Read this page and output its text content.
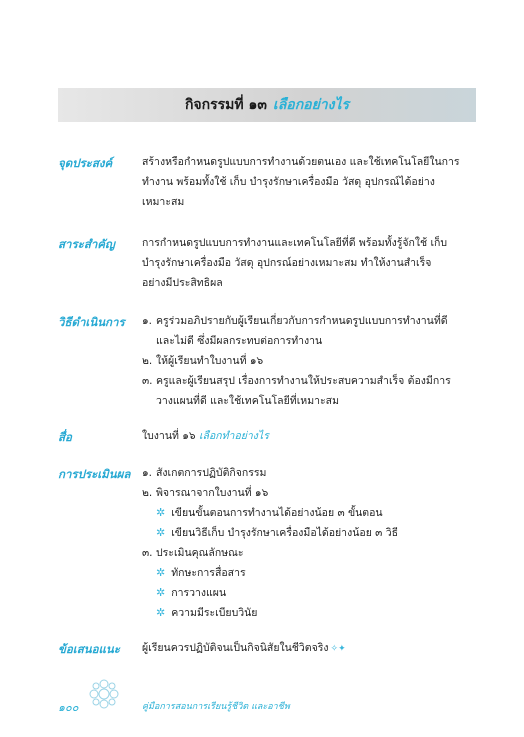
กิจกรรมที่ ๑๓ เลือกอย่างไร
จุดประสงค์	สร้างหรือกำหนดรูปแบบการทำงานด้วยตนเอง และใช้เทคโนโลยีในการ
ทำงาน พร้อมทั้งใช้ เก็บ บำรุงรักษาเครื่องมือ วัสดุ อุปกรณ์ได้อย่าง
เหมาะสม
สาระสำคัญ	การกำหนดรูปแบบการทำงานและเทคโนโลยีที่ดี พร้อมทั้งรู้จักใช้ เก็บ
บำรุงรักษาเครื่องมือ วัสดุ อุปกรณ์อย่างเหมาะสม ทำให้งานสำเร็จ
อย่างมีประสิทธิผล
วิธีดำเนินการ ๑. ครูร่วมอภิปรายกับผู้เรียนเกี่ยวกับการกำหนดรูปแบบการทำงานที่ดี
และไม่ดี ซึ่งมีผลกระทบต่อการทำงาน
๒. ให้ผู้เรียนทำใบงานที่ ๑๖
๓. ครูและผู้เรียนสรุป เรื่องการทำงานให้ประสบความสำเร็จ ต้องมีการ
วางแผนที่ดี และใช้เทคโนโลยีที่เหมาะสม
สื่อ	ใบงานที่ ๑๖ เลือกทำอย่างไร
การประเมินผล ๑. สังเกตการปฏิบัติกิจกรรม
๒. พิจารณาจากใบงานที่ ๑๖
✲ เขียนขั้นตอนการทำงานได้อย่างน้อย ๓ ขั้นตอน
✲ เขียนวิธีเก็บ บำรุงรักษาเครื่องมือได้อย่างน้อย ๓ วิธี
๓. ประเมินคุณลักษณะ
✲ ทักษะการสื่อสาร
✲ การวางแผน
✲ ความมีระเบียบวินัย
ข้อเสนอแนะ ผู้เรียนควรปฏิบัติจนเป็นกิจนิสัยในชีวิตจริง ✧✦
๑๐๐	คู่มือการสอนการเรียนรู้ชีวิต และอาชีพ
